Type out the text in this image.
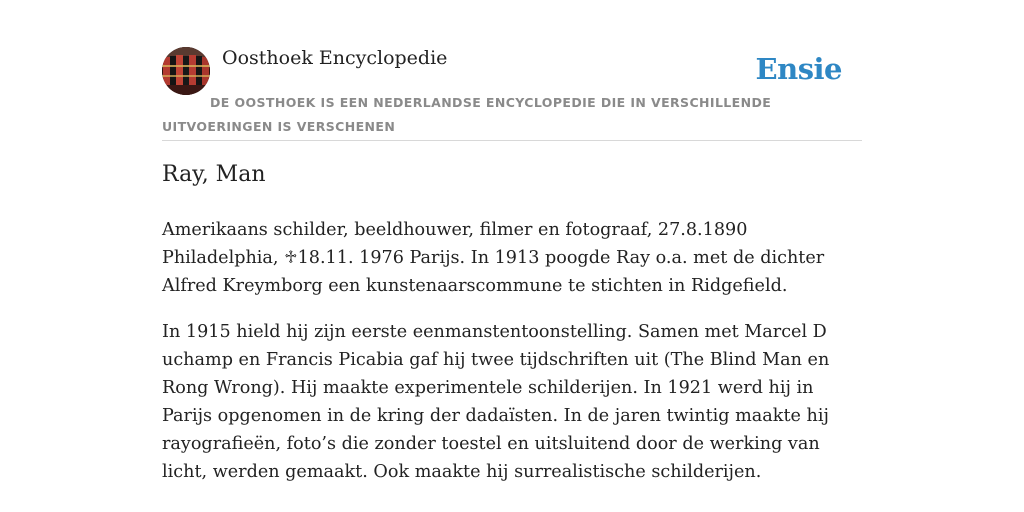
Oosthoek Encyclopedie	Ensie
DE OOSTHOEK IS EEN NEDERLANDSE ENCYCLOPEDIE DIE IN VERSCHILLENDE UITVOERINGEN IS VERSCHENEN
Ray, Man

Amerikaans schilder, beeldhouwer, filmer en fotograaf, 27.8.1890 Philadelphia, ♱18.11. 1976 Parijs. In 1913 poogde Ray o.a. met de dichter Alfred Kreymborg een kunstenaarscommune te stichten in Ridgefield.

In 1915 hield hij zijn eerste eenmanstentoonstelling. Samen met Marcel D uchamp en Francis Picabia gaf hij twee tijdschriften uit (The Blind Man en Rong Wrong). Hij maakte experimentele schilderijen. In 1921 werd hij in Parijs opgenomen in de kring der dadaïsten. In de jaren twintig maakte hij rayografieën, foto’s die zonder toestel en uitsluitend door de werking van licht, werden gemaakt. Ook maakte hij surrealistische schilderijen.
